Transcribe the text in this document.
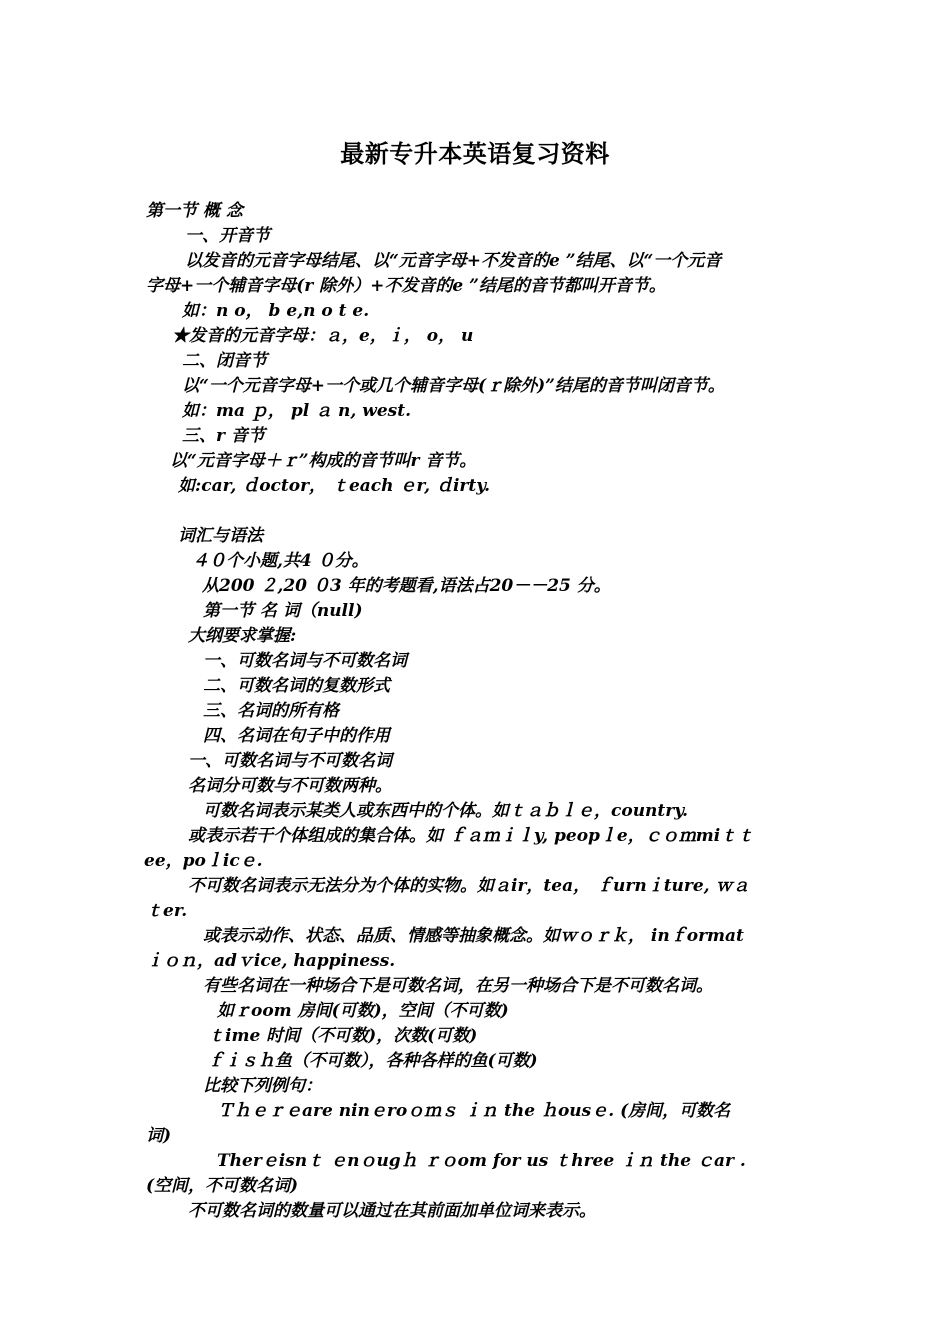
最新专升本英语复习资料
第一节 概 念
一、开音节
以发音的元音字母结尾、以“元音字母+不发音的e ”结尾、以“一个元音
字母+一个辅音字母(r 除外）+不发音的e ”结尾的音节都叫开音节。
如：n o， b e,n o t e.
★发音的元音字母：ａ，e，ｉ， o， u
二、闭音节
以“一个元音字母+一个或几个辅音字母(ｒ除外)”结尾的音节叫闭音节。
如：ma ｐ， pl ａ n, west.
三、r 音节
以“元音字母＋ｒ”构成的音节叫r 音节。
如:car, ｄoctor， ｔeach ｅr, ｄirty.
词汇与语法
４０个小题,共4 ０分。
从200 ２,20 ０3 年的考题看,语法占20－－25 分。
第一节 名 词（null)
大纲要求掌握:
一、可数名词与不可数名词
二、可数名词的复数形式
三、名词的所有格
四、名词在句子中的作用
一、可数名词与不可数名词
名词分可数与不可数两种。
可数名词表示某类人或东西中的个体。如ｔａｂｌｅ，country.
或表示若干个体组成的集合体。如 ｆａｍｉｌy, peopｌe，ｃｏｍmiｔｔ
ee，poｌicｅ.
不可数名词表示无法分为个体的实物。如ａir，tea， ｆurnｉture, ｗａ
ｔer.
或表示动作、状态、品质、情感等抽象概念。如ｗｏｒｋ， inｆormat
ｉｏｎ，adｖice, happiness.
有些名词在一种场合下是可数名词，在另一种场合下是不可数名词。
如ｒoom 房间(可数)，空间（不可数)
ｔime 时间（不可数)，次数(可数)
ｆｉｓｈ鱼（不可数），各种各样的鱼(可数)
比较下列例句：
Ｔｈｅｒｅare ninｅroｏｍｓ ｉｎ the ｈousｅ. (房间，可数名
词)
Therｅisnｔ ｅnｏugｈ ｒｏom for us ｔhree ｉｎ the ｃar .
(空间，不可数名词)
不可数名词的数量可以通过在其前面加单位词来表示。
